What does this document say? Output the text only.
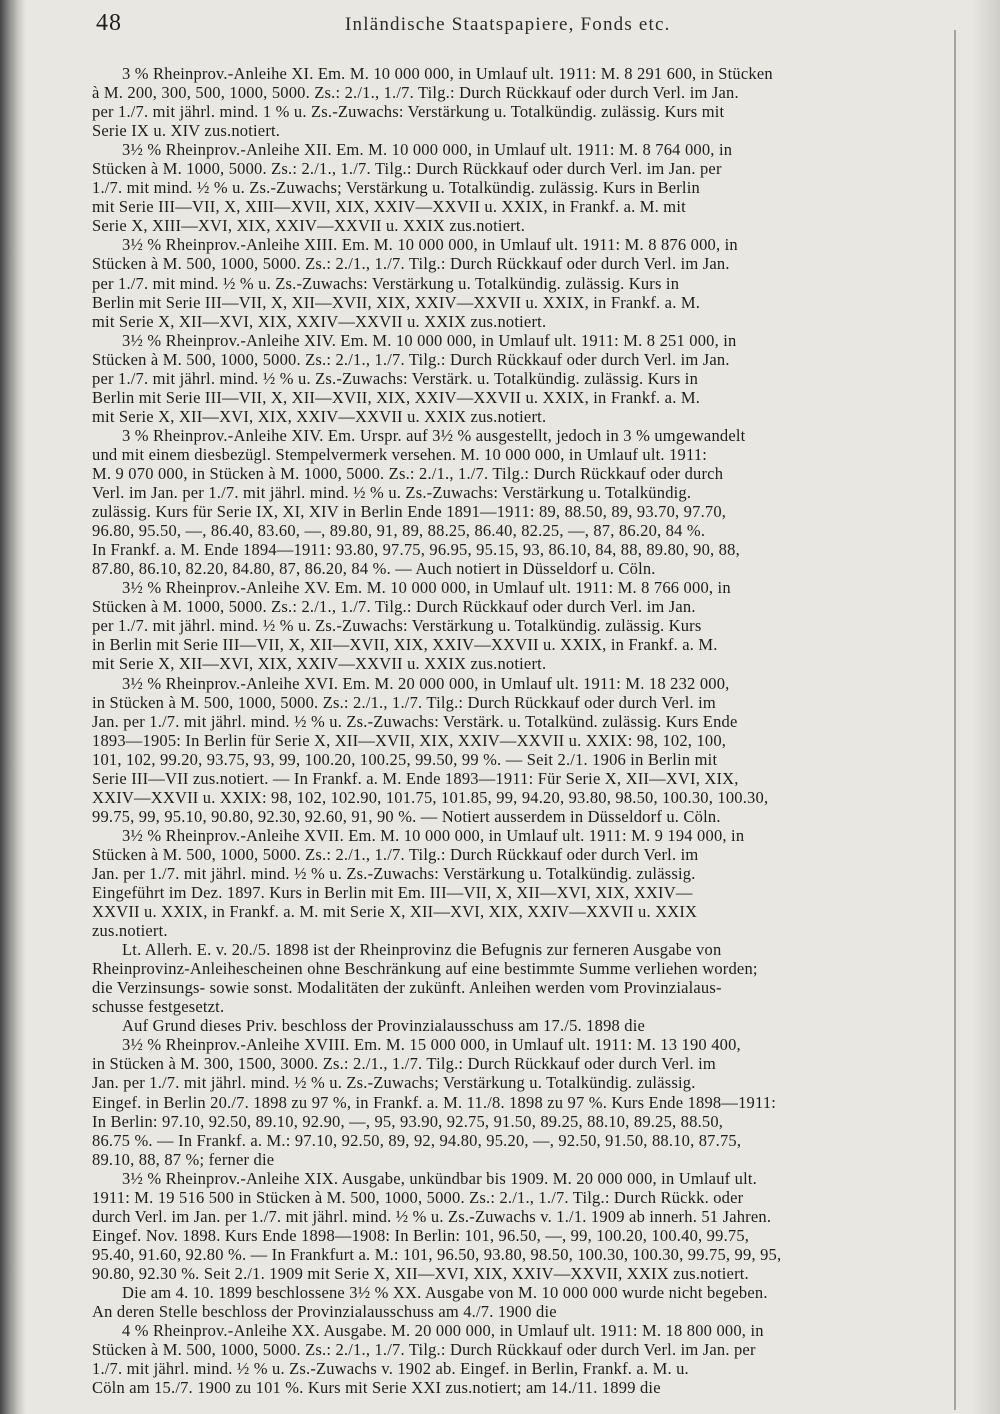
48	Inländische Staatspapiere, Fonds etc.
3 % Rheinprov.-Anleihe XI. Em. M. 10 000 000, in Umlauf ult. 1911: M. 8 291 600, in Stücken
à M. 200, 300, 500, 1000, 5000. Zs.: 2./1., 1./7. Tilg.: Durch Rückkauf oder durch Verl. im Jan.
per 1./7. mit jährl. mind. 1 % u. Zs.-Zuwachs: Verstärkung u. Totalkündig. zulässig. Kurs mit
Serie IX u. XIV zus.notiert.
3½ % Rheinprov.-Anleihe XII. Em. M. 10 000 000, in Umlauf ult. 1911: M. 8 764 000, in
Stücken à M. 1000, 5000. Zs.: 2./1., 1./7. Tilg.: Durch Rückkauf oder durch Verl. im Jan. per
1./7. mit mind. ½ % u. Zs.-Zuwachs; Verstärkung u. Totalkündig. zulässig. Kurs in Berlin
mit Serie III—VII, X, XIII—XVII, XIX, XXIV—XXVII u. XXIX, in Frankf. a. M. mit
Serie X, XIII—XVI, XIX, XXIV—XXVII u. XXIX zus.notiert.
3½ % Rheinprov.-Anleihe XIII. Em. M. 10 000 000, in Umlauf ult. 1911: M. 8 876 000, in
Stücken à M. 500, 1000, 5000. Zs.: 2./1., 1./7. Tilg.: Durch Rückkauf oder durch Verl. im Jan.
per 1./7. mit mind. ½ % u. Zs.-Zuwachs: Verstärkung u. Totalkündig. zulässig. Kurs in
Berlin mit Serie III—VII, X, XII—XVII, XIX, XXIV—XXVII u. XXIX, in Frankf. a. M.
mit Serie X, XII—XVI, XIX, XXIV—XXVII u. XXIX zus.notiert.
3½ % Rheinprov.-Anleihe XIV. Em. M. 10 000 000, in Umlauf ult. 1911: M. 8 251 000, in
Stücken à M. 500, 1000, 5000. Zs.: 2./1., 1./7. Tilg.: Durch Rückkauf oder durch Verl. im Jan.
per 1./7. mit jährl. mind. ½ % u. Zs.-Zuwachs: Verstärk. u. Totalkündig. zulässig. Kurs in
Berlin mit Serie III—VII, X, XII—XVII, XIX, XXIV—XXVII u. XXIX, in Frankf. a. M.
mit Serie X, XII—XVI, XIX, XXIV—XXVII u. XXIX zus.notiert.
3 % Rheinprov.-Anleihe XIV. Em. Urspr. auf 3½ % ausgestellt, jedoch in 3 % umgewandelt
und mit einem diesbezügl. Stempelvermerk versehen. M. 10 000 000, in Umlauf ult. 1911:
M. 9 070 000, in Stücken à M. 1000, 5000. Zs.: 2./1., 1./7. Tilg.: Durch Rückkauf oder durch
Verl. im Jan. per 1./7. mit jährl. mind. ½ % u. Zs.-Zuwachs: Verstärkung u. Totalkündig.
zulässig. Kurs für Serie IX, XI, XIV in Berlin Ende 1891—1911: 89, 88.50, 89, 93.70, 97.70,
96.80, 95.50, —, 86.40, 83.60, —, 89.80, 91, 89, 88.25, 86.40, 82.25, —, 87, 86.20, 84 %.
In Frankf. a. M. Ende 1894—1911: 93.80, 97.75, 96.95, 95.15, 93, 86.10, 84, 88, 89.80, 90, 88,
87.80, 86.10, 82.20, 84.80, 87, 86.20, 84 %. — Auch notiert in Düsseldorf u. Cöln.
3½ % Rheinprov.-Anleihe XV. Em. M. 10 000 000, in Umlauf ult. 1911: M. 8 766 000, in
Stücken à M. 1000, 5000. Zs.: 2./1., 1./7. Tilg.: Durch Rückkauf oder durch Verl. im Jan.
per 1./7. mit jährl. mind. ½ % u. Zs.-Zuwachs: Verstärkung u. Totalkündig. zulässig. Kurs
in Berlin mit Serie III—VII, X, XII—XVII, XIX, XXIV—XXVII u. XXIX, in Frankf. a. M.
mit Serie X, XII—XVI, XIX, XXIV—XXVII u. XXIX zus.notiert.
3½ % Rheinprov.-Anleihe XVI. Em. M. 20 000 000, in Umlauf ult. 1911: M. 18 232 000,
in Stücken à M. 500, 1000, 5000. Zs.: 2./1., 1./7. Tilg.: Durch Rückkauf oder durch Verl. im
Jan. per 1./7. mit jährl. mind. ½ % u. Zs.-Zuwachs: Verstärk. u. Totalkünd. zulässig. Kurs Ende
1893—1905: In Berlin für Serie X, XII—XVII, XIX, XXIV—XXVII u. XXIX: 98, 102, 100,
101, 102, 99.20, 93.75, 93, 99, 100.20, 100.25, 99.50, 99 %. — Seit 2./1. 1906 in Berlin mit
Serie III—VII zus.notiert. — In Frankf. a. M. Ende 1893—1911: Für Serie X, XII—XVI, XIX,
XXIV—XXVII u. XXIX: 98, 102, 102.90, 101.75, 101.85, 99, 94.20, 93.80, 98.50, 100.30, 100.30,
99.75, 99, 95.10, 90.80, 92.30, 92.60, 91, 90 %. — Notiert ausserdem in Düsseldorf u. Cöln.
3½ % Rheinprov.-Anleihe XVII. Em. M. 10 000 000, in Umlauf ult. 1911: M. 9 194 000, in
Stücken à M. 500, 1000, 5000. Zs.: 2./1., 1./7. Tilg.: Durch Rückkauf oder durch Verl. im
Jan. per 1./7. mit jährl. mind. ½ % u. Zs.-Zuwachs: Verstärkung u. Totalkündig. zulässig.
Eingeführt im Dez. 1897. Kurs in Berlin mit Em. III—VII, X, XII—XVI, XIX, XXIV—
XXVII u. XXIX, in Frankf. a. M. mit Serie X, XII—XVI, XIX, XXIV—XXVII u. XXIX
zus.notiert.
Lt. Allerh. E. v. 20./5. 1898 ist der Rheinprovinz die Befugnis zur ferneren Ausgabe von
Rheinprovinz-Anleihescheinen ohne Beschränkung auf eine bestimmte Summe verliehen worden;
die Verzinsungs- sowie sonst. Modalitäten der zukünft. Anleihen werden vom Provinzialaus-
schusse festgesetzt.
Auf Grund dieses Priv. beschloss der Provinzialausschuss am 17./5. 1898 die
3½ % Rheinprov.-Anleihe XVIII. Em. M. 15 000 000, in Umlauf ult. 1911: M. 13 190 400,
in Stücken à M. 300, 1500, 3000. Zs.: 2./1., 1./7. Tilg.: Durch Rückkauf oder durch Verl. im
Jan. per 1./7. mit jährl. mind. ½ % u. Zs.-Zuwachs; Verstärkung u. Totalkündig. zulässig.
Eingef. in Berlin 20./7. 1898 zu 97 %, in Frankf. a. M. 11./8. 1898 zu 97 %. Kurs Ende 1898—1911:
In Berlin: 97.10, 92.50, 89.10, 92.90, —, 95, 93.90, 92.75, 91.50, 89.25, 88.10, 89.25, 88.50,
86.75 %. — In Frankf. a. M.: 97.10, 92.50, 89, 92, 94.80, 95.20, —, 92.50, 91.50, 88.10, 87.75,
89.10, 88, 87 %; ferner die
3½ % Rheinprov.-Anleihe XIX. Ausgabe, unkündbar bis 1909. M. 20 000 000, in Umlauf ult.
1911: M. 19 516 500 in Stücken à M. 500, 1000, 5000. Zs.: 2./1., 1./7. Tilg.: Durch Rückk. oder
durch Verl. im Jan. per 1./7. mit jährl. mind. ½ % u. Zs.-Zuwachs v. 1./1. 1909 ab innerh. 51 Jahren.
Eingef. Nov. 1898. Kurs Ende 1898—1908: In Berlin: 101, 96.50, —, 99, 100.20, 100.40, 99.75,
95.40, 91.60, 92.80 %. — In Frankfurt a. M.: 101, 96.50, 93.80, 98.50, 100.30, 100.30, 99.75, 99, 95,
90.80, 92.30 %. Seit 2./1. 1909 mit Serie X, XII—XVI, XIX, XXIV—XXVII, XXIX zus.notiert.
Die am 4. 10. 1899 beschlossene 3½ % XX. Ausgabe von M. 10 000 000 wurde nicht begeben.
An deren Stelle beschloss der Provinzialausschuss am 4./7. 1900 die
4 % Rheinprov.-Anleihe XX. Ausgabe. M. 20 000 000, in Umlauf ult. 1911: M. 18 800 000, in
Stücken à M. 500, 1000, 5000. Zs.: 2./1., 1./7. Tilg.: Durch Rückkauf oder durch Verl. im Jan. per
1./7. mit jährl. mind. ½ % u. Zs.-Zuwachs v. 1902 ab. Eingef. in Berlin, Frankf. a. M. u.
Cöln am 15./7. 1900 zu 101 %. Kurs mit Serie XXI zus.notiert; am 14./11. 1899 die
